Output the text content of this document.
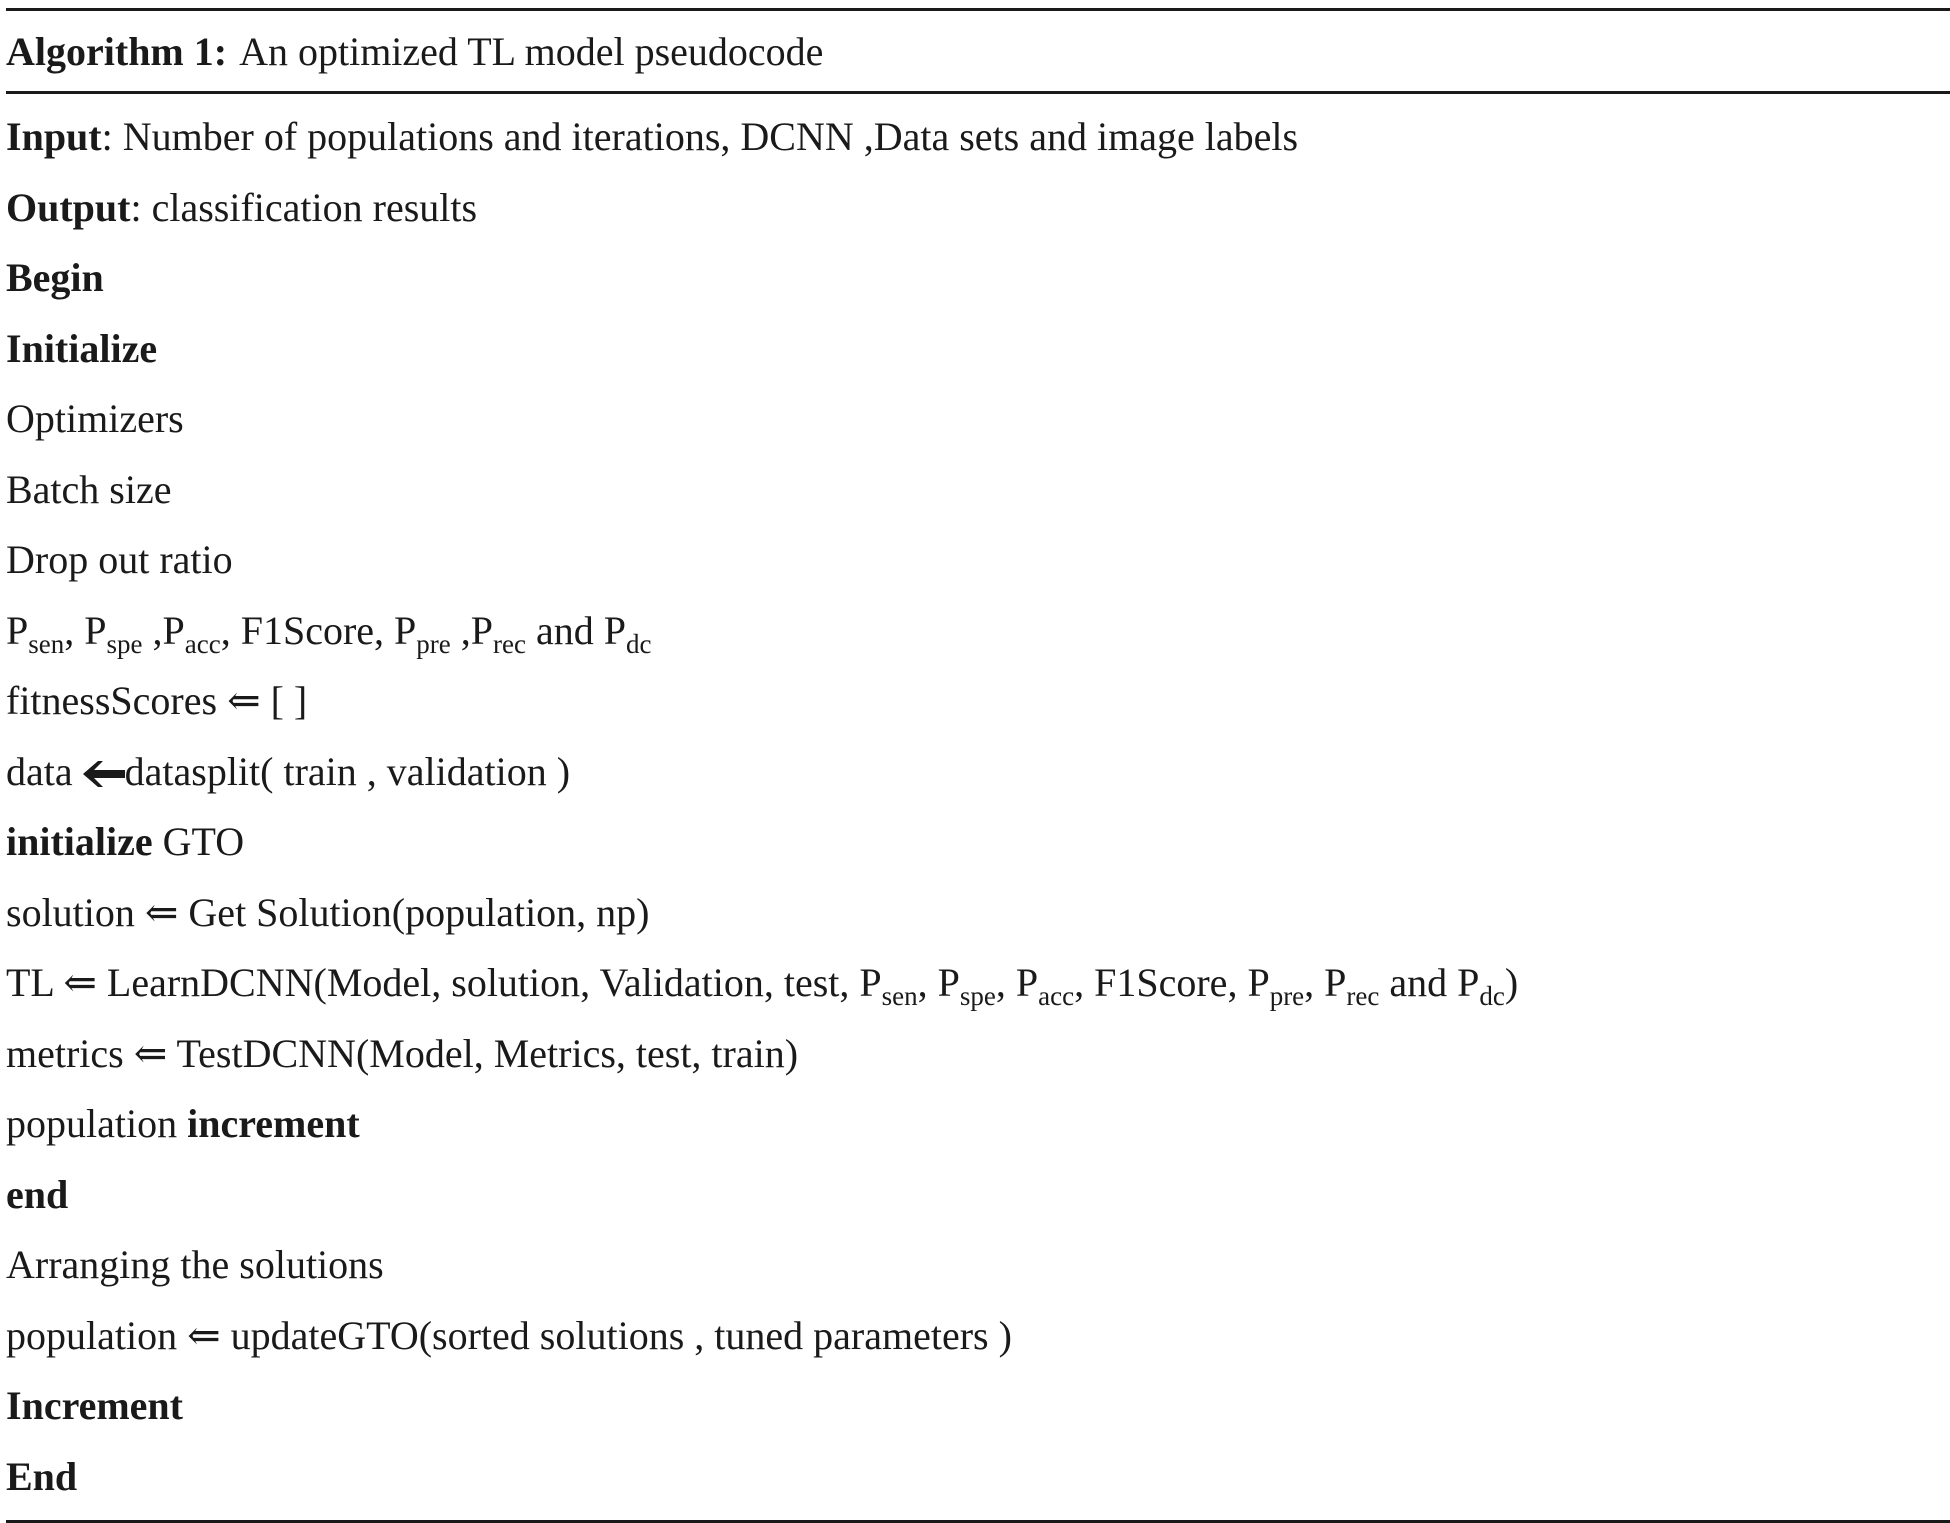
Algorithm 1: An optimized TL model pseudocode
Input: Number of populations and iterations, DCNN ,Data sets and image labels
Output: classification results
Begin
Initialize
Optimizers
Batch size
Drop out ratio
$P_{sen}$, $P_{spe}$ $,P_{acc}$, F1Score, $P_{pre}$ $,P_{rec}$ and $P_{dc}$
fitnessScores ⇐ [ ]
data datasplit( train , validation )
initialize GTO
solution ⇐ Get Solution(population, np)
TL ⇐ LearnDCNN(Model, solution, Validation, test, $P_{sen}$, $P_{spe}$, $P_{acc}$, F1Score, $P_{pre}$, $P_{rec}$ and $P_{dc}$)
metrics ⇐ TestDCNN(Model, Metrics, test, train)
population increment
end
Arranging the solutions
population ⇐ updateGTO(sorted solutions , tuned parameters )
Increment
End
